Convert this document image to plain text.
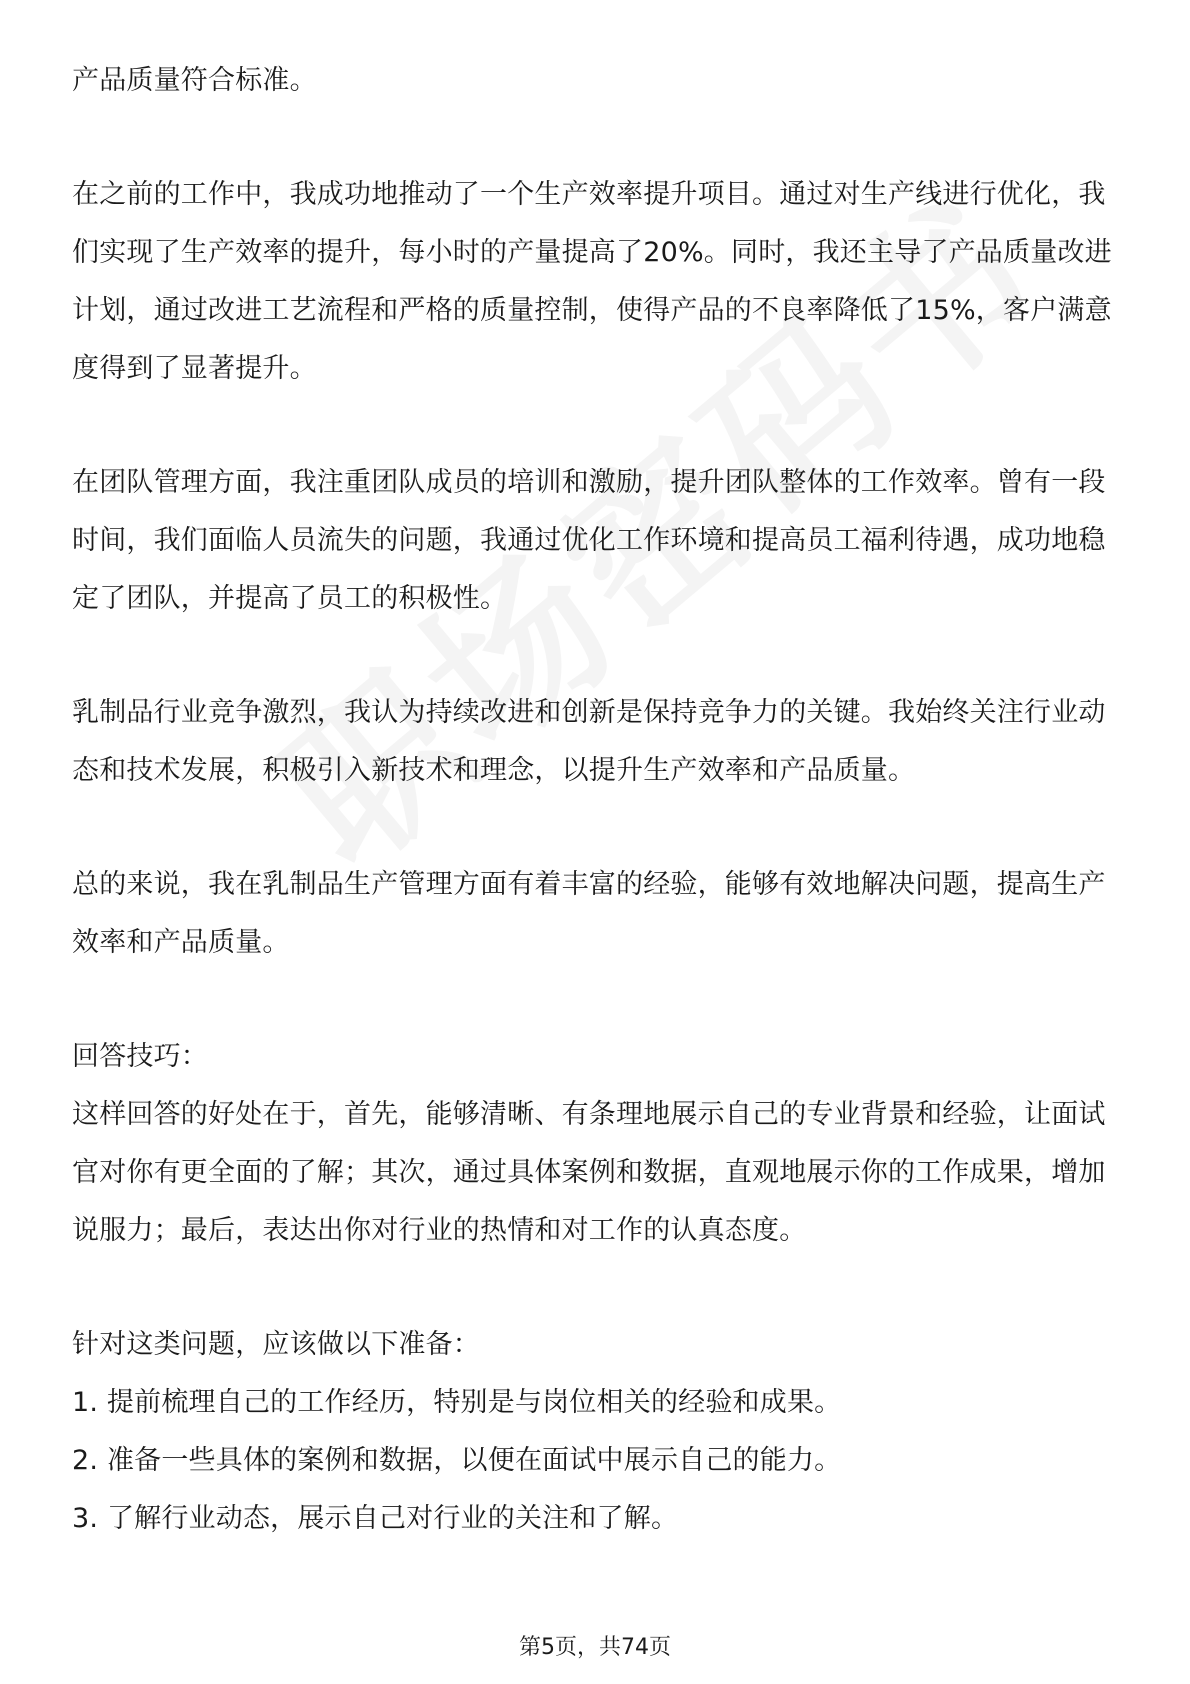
产品质量符合标准。

在之前的工作中，我成功地推动了一个生产效率提升项目。通过对生产线进行优化，我们实现了生产效率的提升，每小时的产量提高了20%。同时，我还主导了产品质量改进计划，通过改进工艺流程和严格的质量控制，使得产品的不良率降低了15%，客户满意度得到了显著提升。

在团队管理方面，我注重团队成员的培训和激励，提升团队整体的工作效率。曾有一段时间，我们面临人员流失的问题，我通过优化工作环境和提高员工福利待遇，成功地稳定了团队，并提高了员工的积极性。

乳制品行业竞争激烈，我认为持续改进和创新是保持竞争力的关键。我始终关注行业动态和技术发展，积极引入新技术和理念，以提升生产效率和产品质量。

总的来说，我在乳制品生产管理方面有着丰富的经验，能够有效地解决问题，提高生产效率和产品质量。

回答技巧：

这样回答的好处在于，首先，能够清晰、有条理地展示自己的专业背景和经验，让面试官对你有更全面的了解；其次，通过具体案例和数据，直观地展示你的工作成果，增加说服力；最后，表达出你对行业的热情和对工作的认真态度。

针对这类问题，应该做以下准备：

1. 提前梳理自己的工作经历，特别是与岗位相关的经验和成果。

2. 准备一些具体的案例和数据，以便在面试中展示自己的能力。

3. 了解行业动态，展示自己对行业的关注和了解。

第5页，共74页
